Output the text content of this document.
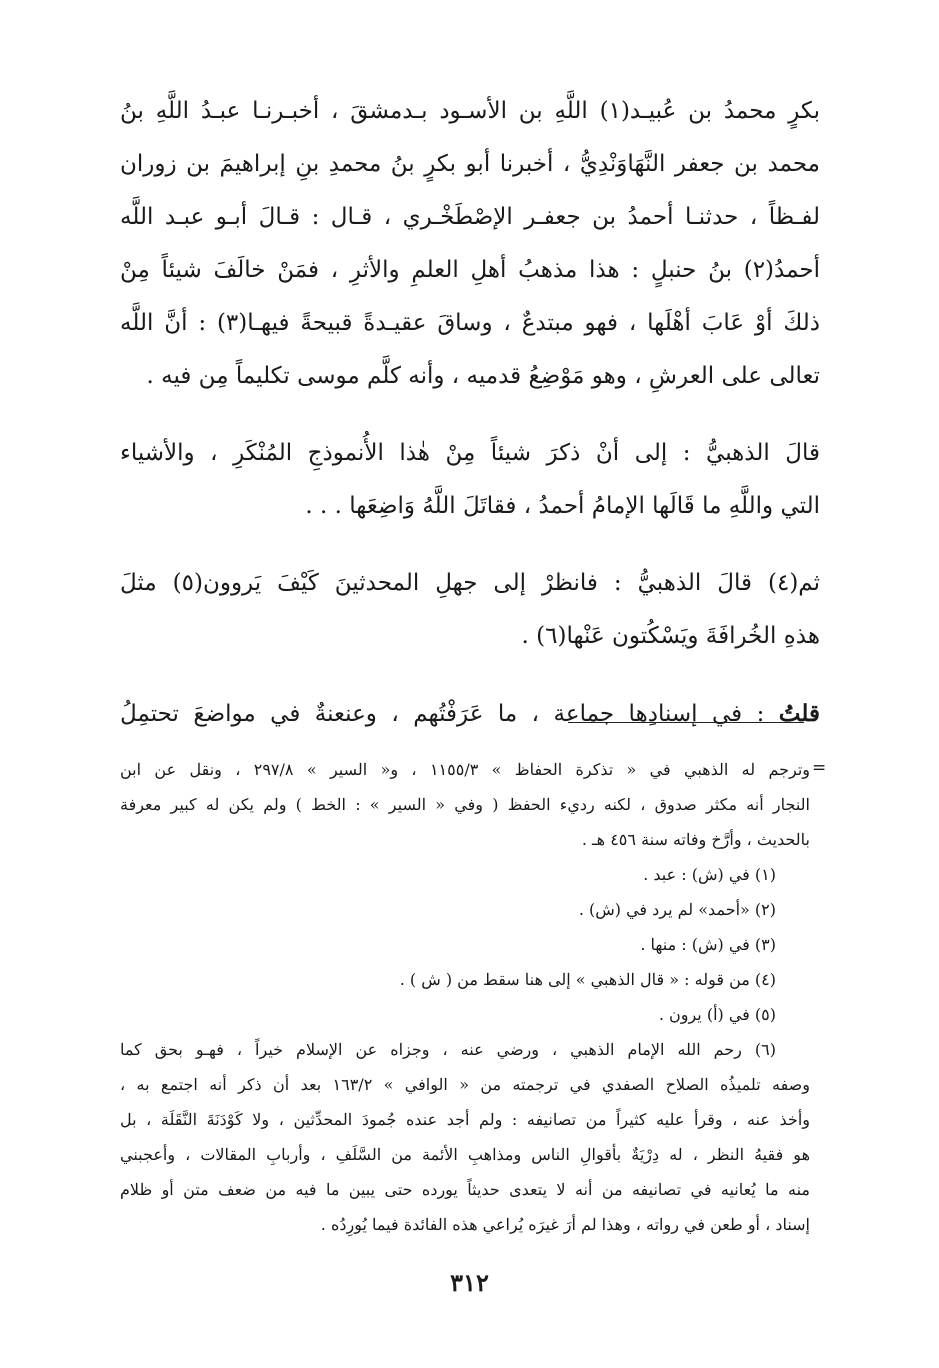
بكرٍ محمدُ بن عُبيـد(١) اللَّهِ بن الأسـود بـدمشقَ ، أخبـرنـا عبـدُ اللَّهِ بنُ
محمد بن جعفر النَّهَاوَنْدِيُّ ، أخبرنا أبو بكرٍ بنُ محمدِ بنِ إبراهيمَ بن زوران
لفـظاً ، حدثنـا أحمدُ بن جعفـر الإصْطَخْـري ، قـال : قـالَ أبـو عبـد اللَّه
أحمدُ(٢) بنُ حنبلٍ : هذا مذهبُ أهلِ العلمِ والأثرِ ، فمَنْ خالَفَ شيئاً مِنْ
ذلكَ أوْ عَابَ أهْلَها ، فهو مبتدعٌ ، وساقَ عقيـدةً قبيحةً فيهـا(٣) : أنَّ اللَّه
تعالى على العرشِ ، وهو مَوْضِعُ قدميه ، وأنه كلَّم موسى تكليماً مِن فيه .
قالَ الذهبيُّ : إلى أنْ ذكرَ شيئاً مِنْ هٰذا الأُنموذجِ المُنْكَرِ ، والأشياء
التي واللَّهِ ما قَالَها الإمامُ أحمدُ ، فقاتَلَ اللَّهُ وَاضِعَها . . .
ثم(٤) قالَ الذهبيُّ : فانظرْ إلى جهلِ المحدثينَ كَيْفَ يَروون(٥) مثلَ
هذهِ الخُرافَةَ ويَسْكُتون عَنْها(٦) .
قلتُ : في إسنادِها جماعة ، ما عَرَفْتُهم ، وعنعنةٌ في مواضعَ تحتمِلُ
=
وترجم له الذهبي في « تذكرة الحفاظ » ١١٥٥/٣ ، و« السير » ٢٩٧/٨ ، ونقل عن ابن
النجار أنه مكثر صدوق ، لكنه رديء الحفظ ( وفي « السير » : الخط ) ولم يكن له كبير معرفة
بالحديث ، وأرَّخ وفاته سنة ٤٥٦ هـ .
(١) في (ش) : عبد .
(٢) «أحمد» لم يرد في (ش) .
(٣) في (ش) : منها .
(٤) من قوله : « قال الذهبي » إلى هنا سقط من ( ش ) .
(٥) في (أ) يرون .
(٦) رحم الله الإمام الذهبي ، ورضي عنه ، وجزاه عن الإسلام خيراً ، فهـو بحق كما
وصفه تلميذُه الصلاح الصفدي في ترجمته من « الوافي » ١٦٣/٢ بعد أن ذكر أنه اجتمع به ،
وأخذ عنه ، وقرأ عليه كثيراً من تصانيفه : ولم أجد عنده جُمودَ المحدِّثين ، ولا كَوْدَنَةَ النَّقَلَة ، بل
هو فقيهُ النظر ، له دِرْيَةٌ بأقوالِ الناس ومذاهبِ الأئمة من السَّلَفِ ، وأربابِ المقالات ، وأعجبني
منه ما يُعانيه في تصانيفه من أنه لا يتعدى حديثاً يورده حتى يبين ما فيه من ضعف متن أو ظلام
إسناد ، أو طعن في رواته ، وهذا لم أرَ غيرَه يُراعي هذه الفائدة فيما يُورِدُه .
٣١٢
